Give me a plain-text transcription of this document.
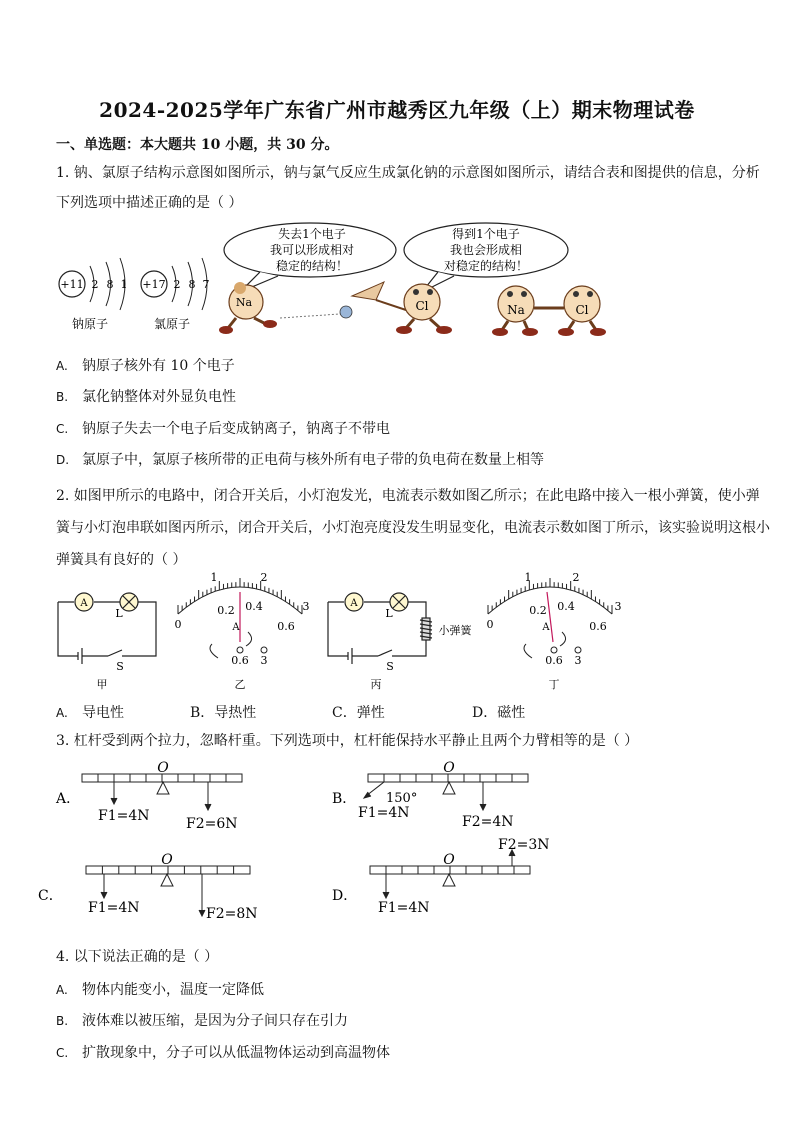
2024-2025学年广东省广州市越秀区九年级（上）期末物理试卷
一、单选题：本大题共 10 小题，共 30 分。
1. 钠、氯原子结构示意图如图所示，钠与氯气反应生成氯化钠的示意图如图所示，请结合表和图提供的信息，分析
下列选项中描述正确的是（ ）
+11 2 8 1
钠原子
+17 2 8 7
氯原子
失去1个电子
我可以形成相对
稳定的结构！
得到1个电子
我也会形成相
对稳定的结构！
Na	Cl	Na	Cl
A. 钠原子核外有 10 个电子
B. 氯化钠整体对外显负电性
C. 钠原子失去一个电子后变成钠离子，钠离子不带电
D. 氯原子中，氯原子核所带的正电荷与核外所有电子带的负电荷在数量上相等
2. 如图甲所示的电路中，闭合开关后，小灯泡发光，电流表示数如图乙所示；在此电路中接入一根小弹簧，使小弹
簧与小灯泡串联如图丙所示，闭合开关后，小灯泡亮度没发生明显变化，电流表示数如图丁所示，该实验说明这根小
弹簧具有良好的（ ）
A
L
S
甲
1	2
3
0
0.2 0.4
0.6
A
0.6 3
乙
A
L
S
小弹簧
丙
1	2
3
0
0.2 0.4
0.6
A
0.6 3
丁
A. 导电性	B．导热性	C．弹性	D．磁性
3. 杠杆受到两个拉力，忽略杆重。下列选项中，杠杆能保持水平静止且两个力臂相等的是（ ）
A．
O
F1=4N	F2=6N
B．
O
150°
F1=4N
F2=4N
C．
O
F1=4N	F2=8N
D．
O
F1=4N
F2=3N
4. 以下说法正确的是（ ）
A. 物体内能变小，温度一定降低
B. 液体难以被压缩，是因为分子间只存在引力
C. 扩散现象中，分子可以从低温物体运动到高温物体
